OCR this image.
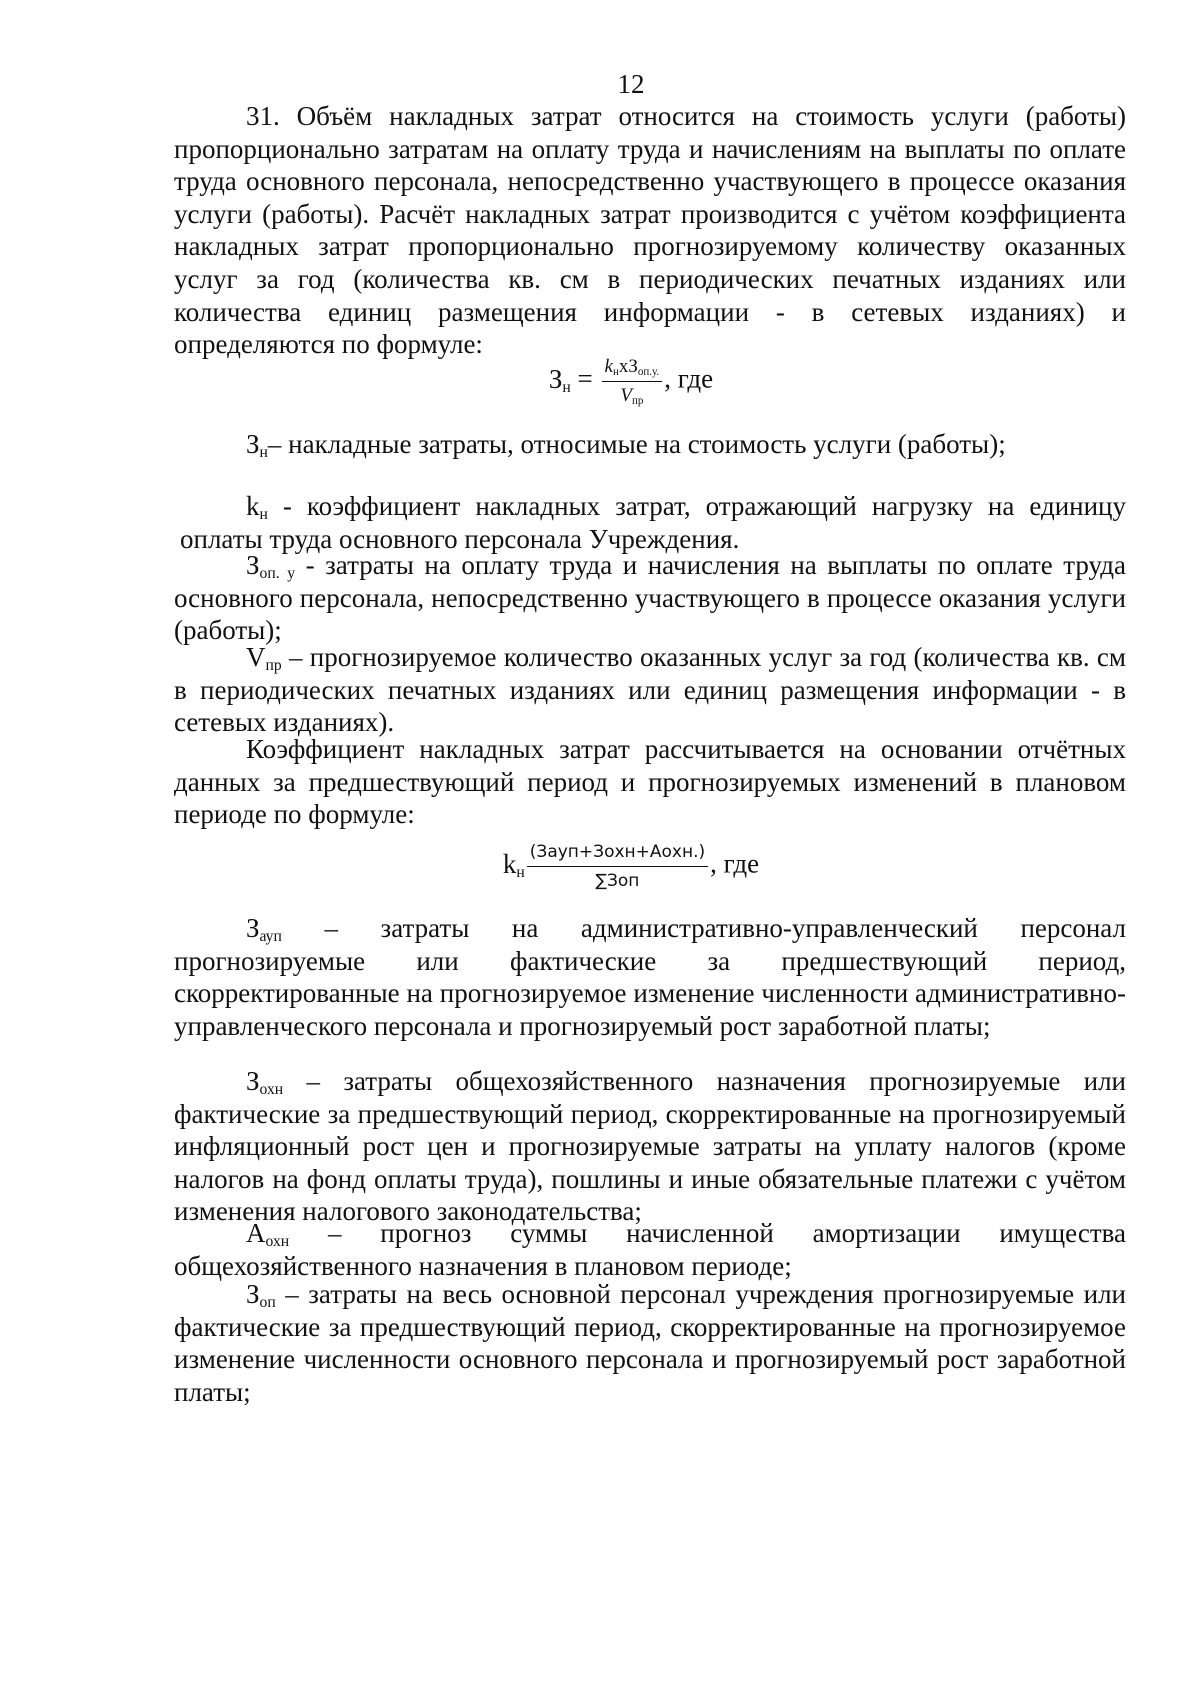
12

31. Объём накладных затрат относится на стоимость услуги (работы) пропорционально затратам на оплату труда и начислениям на выплаты по оплате труда основного персонала, непосредственно участвующего в процессе оказания услуги (работы). Расчёт накладных затрат производится с учётом коэффициента накладных затрат пропорционально прогнозируемому количеству оказанных услуг за год (количества кв. см в периодических печатных изданиях или количества единиц размещения информации - в сетевых изданиях) и определяются по формуле:

$З_н = \frac{k_нxЗ_{оп.у.}}{V_{пр}}$ , где

$З_н-$ накладные затраты, относимые на стоимость услуги (работы);

$k_н$ - коэффициент накладных затрат, отражающий нагрузку на единицу оплаты труда основного персонала Учреждения.

$З_{оп. у}$ - затраты на оплату труда и начисления на выплаты по оплате труда основного персонала, непосредственно участвующего в процессе оказания услуги (работы);

$V_{пр}$ – прогнозируемое количество оказанных услуг за год (количества кв. см в периодических печатных изданиях или единиц размещения информации - в сетевых изданиях).

Коэффициент накладных затрат рассчитывается на основании отчётных данных за предшествующий период и прогнозируемых изменений в плановом периоде по формуле:

$k_н \frac{\text{(Зауп+Зохн+Аохн.)}}{\text{∑Зоп}}$ , где

$З_{ауп}$ – затраты на административно-управленческий персонал прогнозируемые или фактические за предшествующий период, скорректированные на прогнозируемое изменение численности административно-управленческого персонала и прогнозируемый рост заработной платы;

$З_{охн}$ – затраты общехозяйственного назначения прогнозируемые или фактические за предшествующий период, скорректированные на прогнозируемый инфляционный рост цен и прогнозируемые затраты на уплату налогов (кроме налогов на фонд оплаты труда), пошлины и иные обязательные платежи с учётом изменения налогового законодательства;

$А_{охн}$ – прогноз суммы начисленной амортизации имущества общехозяйственного назначения в плановом периоде;

$З_{оп}$ – затраты на весь основной персонал учреждения прогнозируемые или фактические за предшествующий период, скорректированные на прогнозируемое изменение численности основного персонала и прогнозируемый рост заработной платы;
